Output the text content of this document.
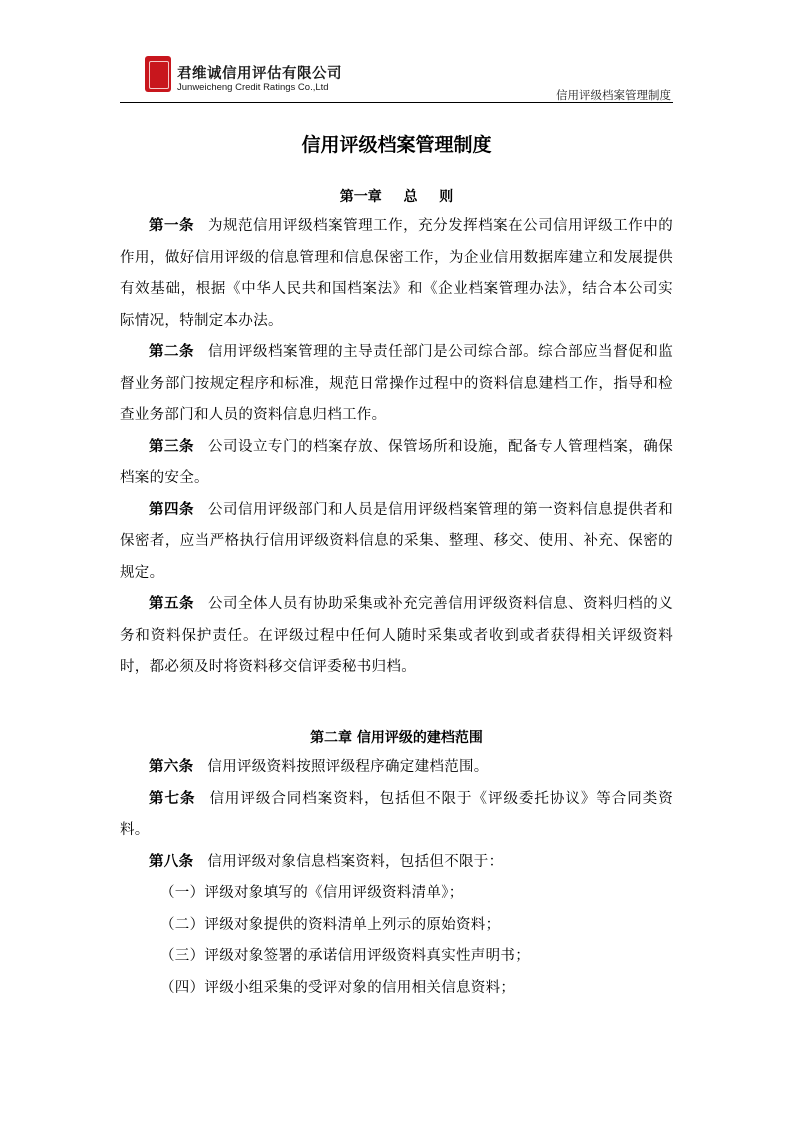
君维诚信用评估有限公司
Junweicheng Credit Ratings Co.,Ltd
信用评级档案管理制度
信用评级档案管理制度
第一章 总 则

第一条 为规范信用评级档案管理工作，充分发挥档案在公司信用评级工作中的作用，做好信用评级的信息管理和信息保密工作，为企业信用数据库建立和发展提供有效基础，根据《中华人民共和国档案法》和《企业档案管理办法》，结合本公司实际情况，特制定本办法。

第二条 信用评级档案管理的主导责任部门是公司综合部。综合部应当督促和监督业务部门按规定程序和标准，规范日常操作过程中的资料信息建档工作，指导和检查业务部门和人员的资料信息归档工作。

第三条 公司设立专门的档案存放、保管场所和设施，配备专人管理档案，确保档案的安全。

第四条 公司信用评级部门和人员是信用评级档案管理的第一资料信息提供者和保密者，应当严格执行信用评级资料信息的采集、整理、移交、使用、补充、保密的规定。

第五条 公司全体人员有协助采集或补充完善信用评级资料信息、资料归档的义务和资料保护责任。在评级过程中任何人随时采集或者收到或者获得相关评级资料时，都必须及时将资料移交信评委秘书归档。

第二章 信用评级的建档范围

第六条 信用评级资料按照评级程序确定建档范围。

第七条 信用评级合同档案资料，包括但不限于《评级委托协议》等合同类资料。

第八条 信用评级对象信息档案资料，包括但不限于：

（一）评级对象填写的《信用评级资料清单》；

（二）评级对象提供的资料清单上列示的原始资料；

（三）评级对象签署的承诺信用评级资料真实性声明书；

（四）评级小组采集的受评对象的信用相关信息资料；
